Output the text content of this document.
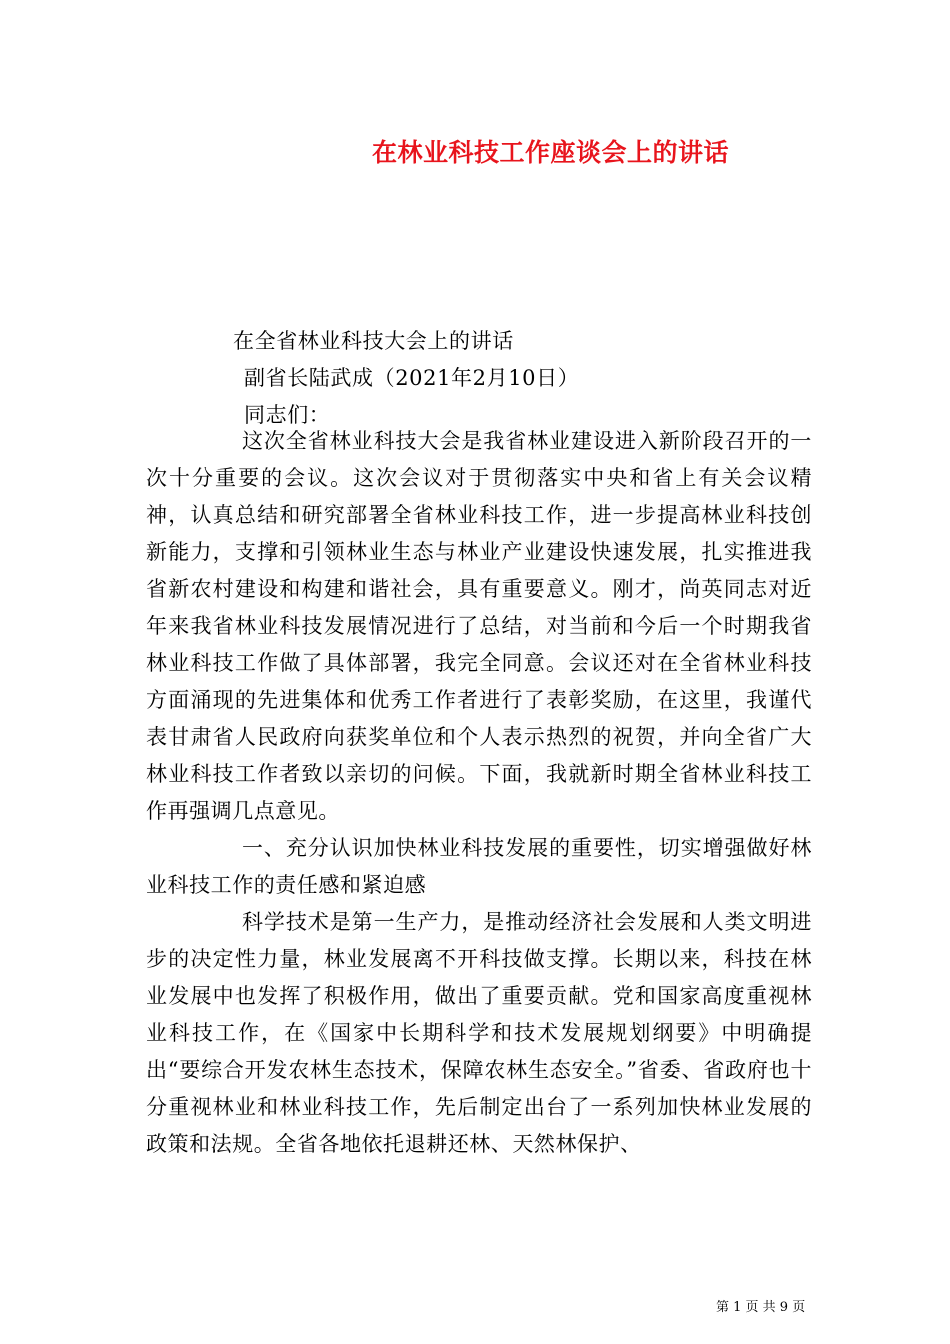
在林业科技工作座谈会上的讲话
在全省林业科技大会上的讲话
副省长陆武成（2021年2月10日）
同志们：

这次全省林业科技大会是我省林业建设进入新阶段召开的一次十分重要的会议。这次会议对于贯彻落实中央和省上有关会议精神，认真总结和研究部署全省林业科技工作，进一步提高林业科技创新能力，支撑和引领林业生态与林业产业建设快速发展，扎实推进我省新农村建设和构建和谐社会，具有重要意义。刚才，尚英同志对近年来我省林业科技发展情况进行了总结，对当前和今后一个时期我省林业科技工作做了具体部署，我完全同意。会议还对在全省林业科技方面涌现的先进集体和优秀工作者进行了表彰奖励，在这里，我谨代表甘肃省人民政府向获奖单位和个人表示热烈的祝贺，并向全省广大林业科技工作者致以亲切的问候。下面，我就新时期全省林业科技工作再强调几点意见。

一、充分认识加快林业科技发展的重要性，切实增强做好林业科技工作的责任感和紧迫感

科学技术是第一生产力，是推动经济社会发展和人类文明进步的决定性力量，林业发展离不开科技做支撑。长期以来，科技在林业发展中也发挥了积极作用，做出了重要贡献。党和国家高度重视林业科技工作，在《国家中长期科学和技术发展规划纲要》中明确提出“要综合开发农林生态技术，保障农林生态安全。”省委、省政府也十分重视林业和林业科技工作，先后制定出台了一系列加快林业发展的政策和法规。全省各地依托退耕还林、天然林保护、

第 1 页 共 9 页
